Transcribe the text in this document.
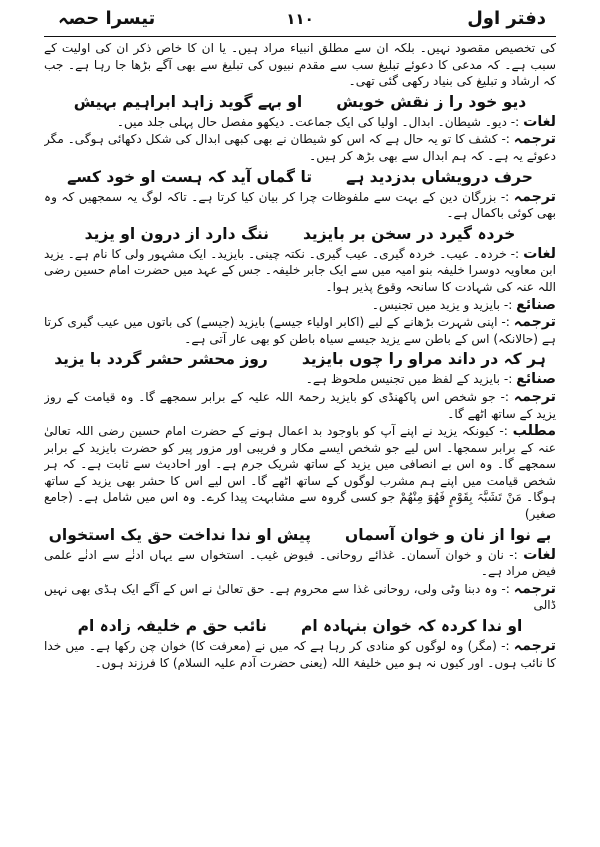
دفتر اول
۱۱۰
تیسرا حصہ

کی تخصیص مقصود نہیں۔ بلکہ ان سے مطلق انبیاء مراد ہیں۔ یا ان کا خاص ذکر ان کی اولیت کے سبب ہے۔ کہ مدعی کا دعوئے تبلیغ سب سے مقدم نبیوں کی تبلیغ سے بھی آگے بڑھا جا رہا ہے۔ جب کہ ارشاد و تبلیغ کی بنیاد رکھی گئی تھی۔

دیو خود را ز نقش خویشاو بہے گوید زاہد ابراہیم بہیش

لغات :- دیو۔ شیطان۔ ابدال۔ اولیا کی ایک جماعت۔ دیکھو مفصل حال پہلی جلد میں۔

ترجمہ :- کشف کا تو یہ حال ہے کہ اس کو شیطان نے بھی کبھی ابدال کی شکل دکھائی ہوگی۔ مگر دعوئے یہ ہے۔ کہ ہم ابدال سے بھی بڑھ کر ہیں۔

حرف درویشاں بدزدید ہےتا گماں آید کہ ہست او خود کسے

ترجمہ :- بزرگان دین کے بہت سے ملفوظات چرا کر بیان کیا کرتا ہے۔ تاکہ لوگ یہ سمجھیں کہ وہ بھی کوئی باکمال ہے۔

خردہ گیرد در سخن بر بایزیدننگ دارد از درون او یزید

لغات :- خردہ۔ عیب۔ خردہ گیری۔ عیب گیری۔ نکتہ چینی۔ بایزید۔ ایک مشہور ولی کا نام ہے۔ یزید ابن معاویہ دوسرا خلیفہ بنو امیہ میں سے ایک جابر خلیفہ۔ جس کے عہد میں حضرت امام حسین رضی اللہ عنہ کی شہادت کا سانحہ وقوع پذیر ہوا۔

صنائع :- بایزید و یزید میں تجنیس۔

ترجمہ :- اپنی شہرت بڑھانے کے لیے (اکابر اولیاء جیسے) بایزید (جیسے) کی باتوں میں عیب گیری کرتا ہے (حالانکہ) اس کے باطن سے یزید جیسے سیاہ باطن کو بھی عار آتی ہے۔

ہر کہ در داند مراو را چوں بایزیدروز محشر حشر گردد با یزید

صنائع :- بایزید کے لفظ میں تجنیس ملحوظ ہے۔

ترجمہ :- جو شخص اس پاکھنڈی کو بایزید رحمۃ اللہ علیہ کے برابر سمجھے گا۔ وہ قیامت کے روز یزید کے ساتھ اٹھے گا۔

مطلب :- کیونکہ یزید نے اپنے آپ کو باوجود بد اعمال ہونے کے حضرت امام حسین رضی اللہ تعالیٰ عنہ کے برابر سمجھا۔ اس لیے جو شخص ایسے مکار و فریبی اور مزور پیر کو حضرت بایزید کے برابر سمجھے گا۔ وہ اس بے انصافی میں یزید کے ساتھ شریک جرم ہے۔ اور احادیث سے ثابت ہے۔ کہ ہر شخص قیامت میں اپنے ہم مشرب لوگوں کے ساتھ اٹھے گا۔ اس لیے اس کا حشر بھی یزید کے ساتھ ہوگا۔ مَنْ تَشَبَّہَ بِقَوْمٍ فَھُوَ مِنْھُمْ جو کسی گروہ سے مشابہت پیدا کرے۔ وہ اس میں شامل ہے۔ (جامع صغیر)

بے نوا از نان و خوان آسماںپیش او ندا نداخت حق یک استخواں

لغات :- نان و خوان آسمان۔ غذائے روحانی۔ فیوض غیب۔ استخواں سے یہاں ادنٰے سے ادنٰے علمی فیض مراد ہے۔

ترجمہ :- وہ دبنا وٹی ولی، روحانی غذا سے محروم ہے۔ حق تعالیٰ نے اس کے آگے ایک ہڈی بھی نہیں ڈالی

او ندا کردہ کہ خوان بنہادہ امنائب حق م خلیفہ زادہ ام

ترجمہ :- (مگر) وہ لوگوں کو منادی کر رہا ہے کہ میں نے (معرفت کا) خوان چن رکھا ہے۔ میں خدا کا نائب ہوں۔ اور کیوں نہ ہو میں خلیفۃ اللہ (یعنی حضرت آدم علیہ السلام) کا فرزند ہوں۔
